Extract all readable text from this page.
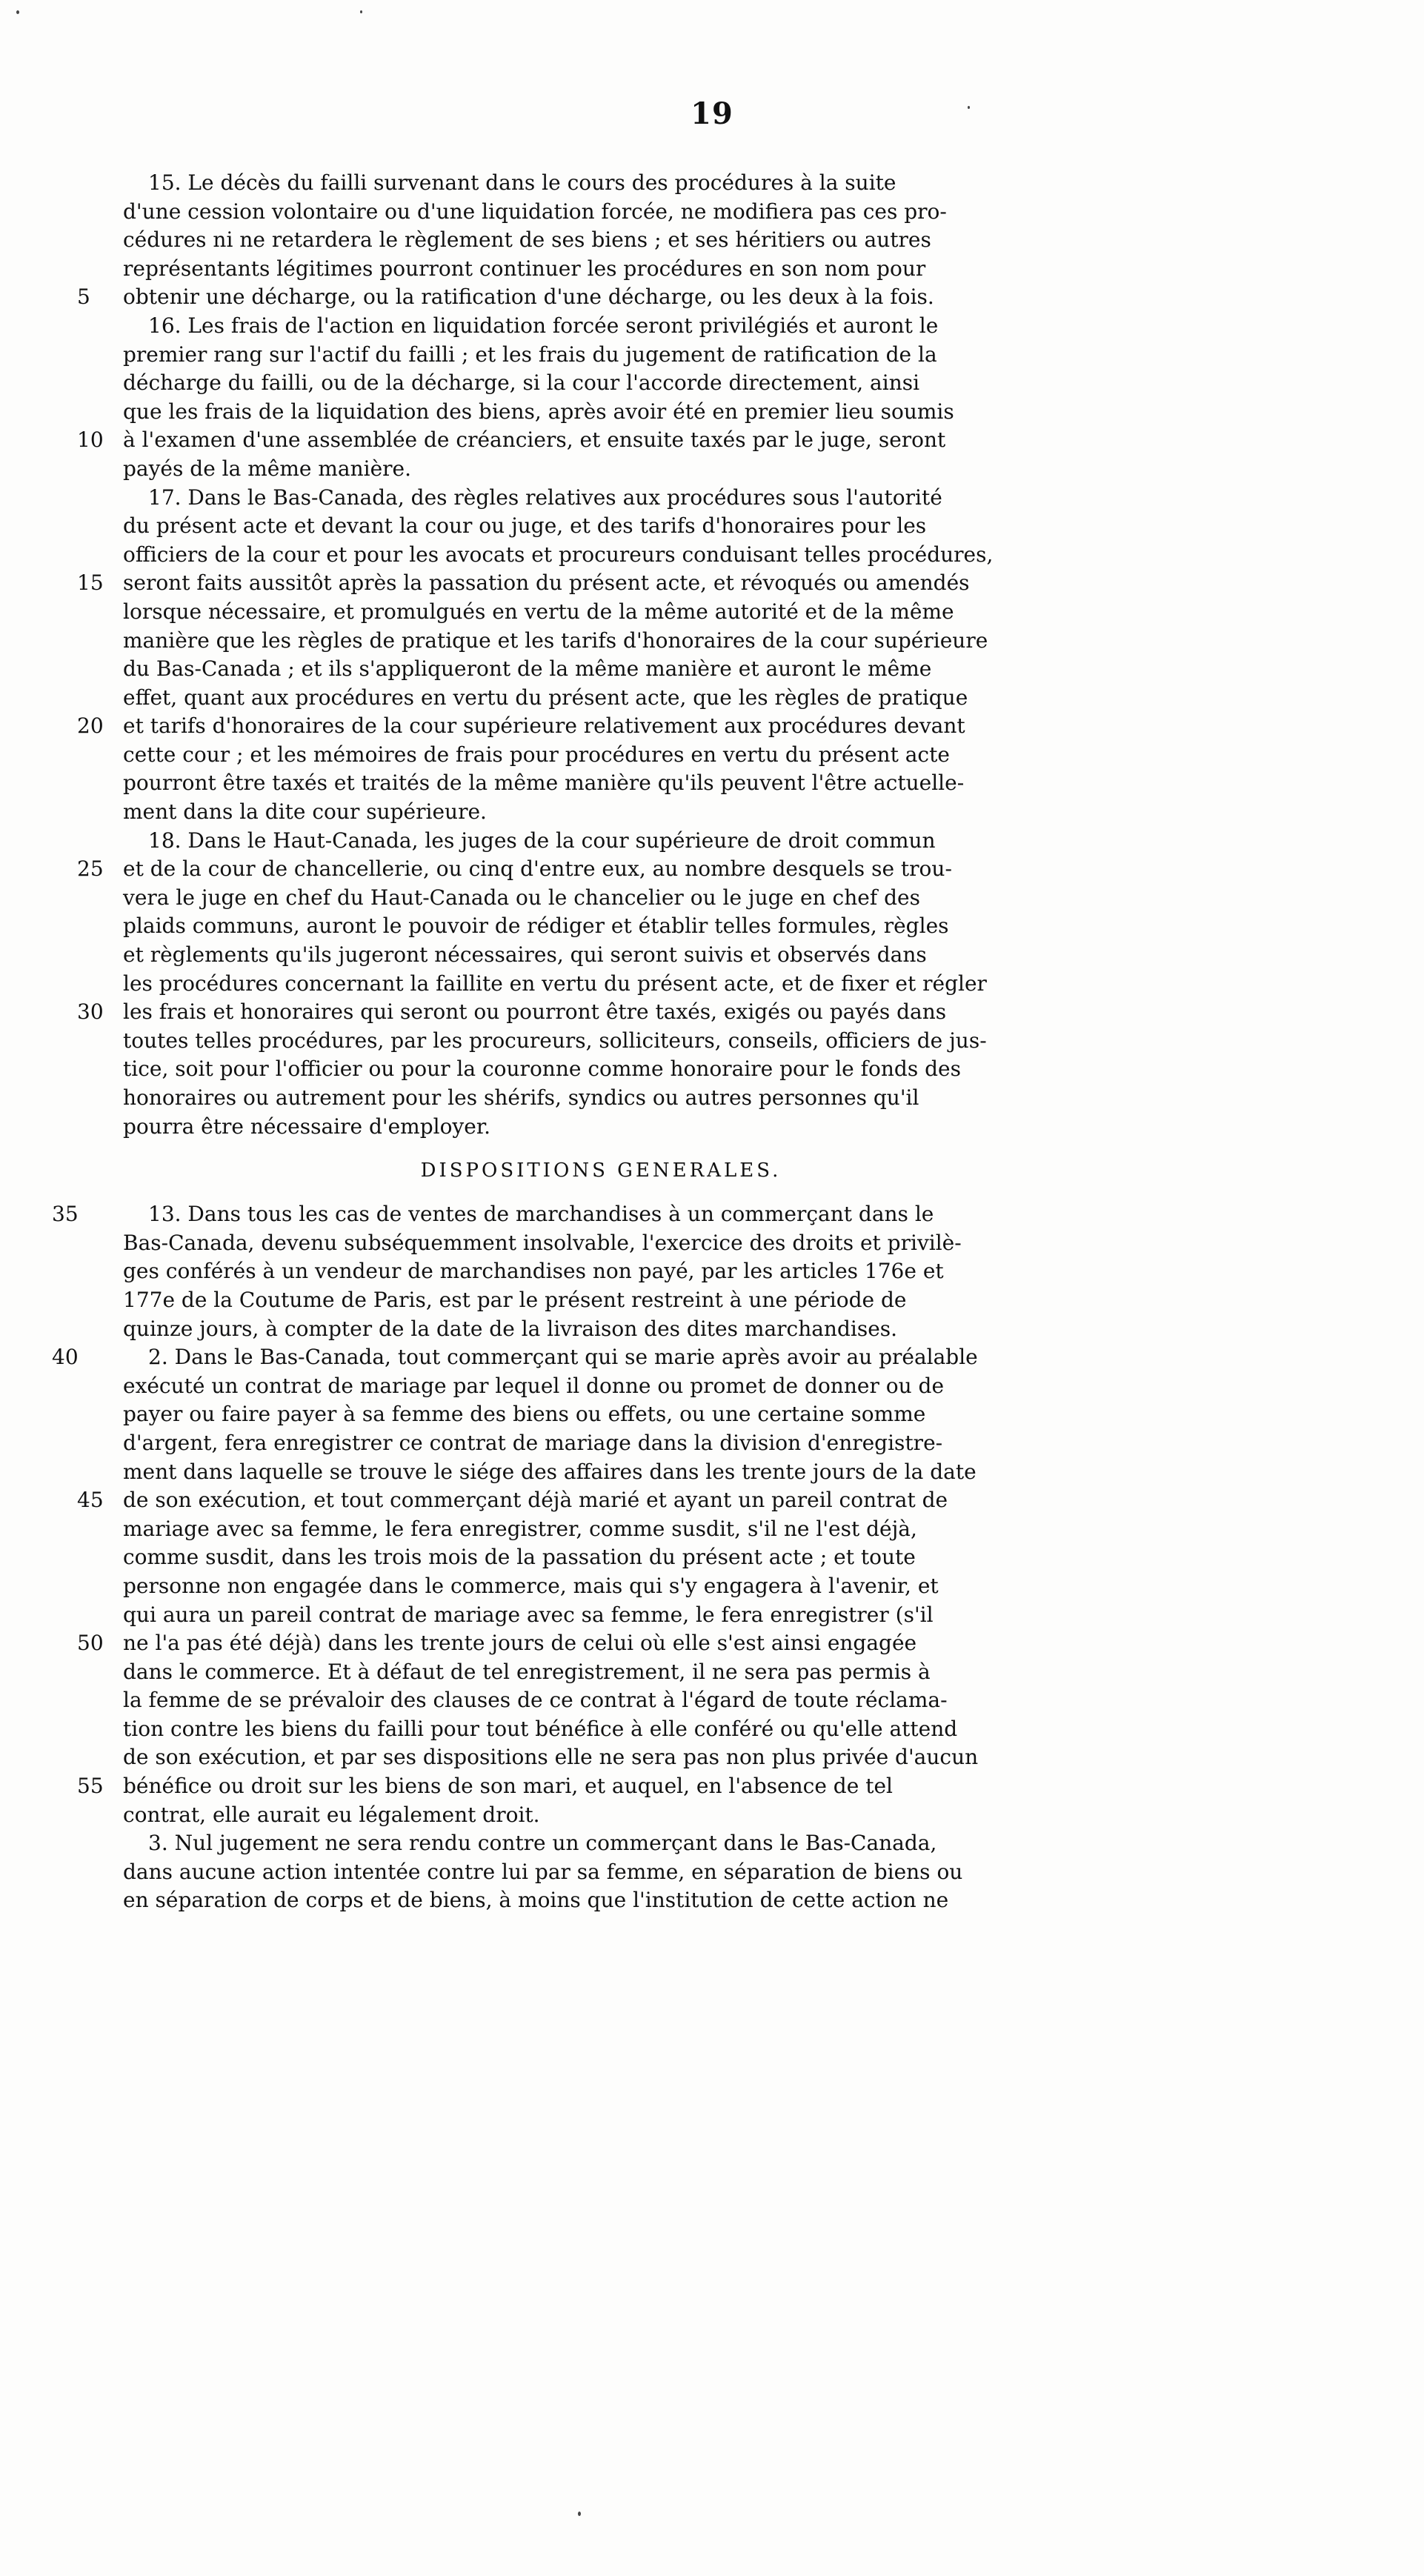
19
15. Le décès du failli survenant dans le cours des procédures à la suite
d'une cession volontaire ou d'une liquidation forcée, ne modifiera pas ces pro-
cédures ni ne retardera le règlement de ses biens ; et ses héritiers ou autres
représentants légitimes pourront continuer les procédures en son nom pour
5	obtenir une décharge, ou la ratification d'une décharge, ou les deux à la fois.
16. Les frais de l'action en liquidation forcée seront privilégiés et auront le
premier rang sur l'actif du failli ; et les frais du jugement de ratification de la
décharge du failli, ou de la décharge, si la cour l'accorde directement, ainsi
que les frais de la liquidation des biens, après avoir été en premier lieu soumis
10 à l'examen d'une assemblée de créanciers, et ensuite taxés par le juge, seront
payés de la même manière.
17. Dans le Bas-Canada, des règles relatives aux procédures sous l'autorité
du présent acte et devant la cour ou juge, et des tarifs d'honoraires pour les
officiers de la cour et pour les avocats et procureurs conduisant telles procédures,
15 seront faits aussitôt après la passation du présent acte, et révoqués ou amendés
lorsque nécessaire, et promulgués en vertu de la même autorité et de la même
manière que les règles de pratique et les tarifs d'honoraires de la cour supérieure
du Bas-Canada ; et ils s'appliqueront de la même manière et auront le même
effet, quant aux procédures en vertu du présent acte, que les règles de pratique
20 et tarifs d'honoraires de la cour supérieure relativement aux procédures devant
cette cour ; et les mémoires de frais pour procédures en vertu du présent acte
pourront être taxés et traités de la même manière qu'ils peuvent l'être actuelle-
ment dans la dite cour supérieure.
18. Dans le Haut-Canada, les juges de la cour supérieure de droit commun
25 et de la cour de chancellerie, ou cinq d'entre eux, au nombre desquels se trou-
vera le juge en chef du Haut-Canada ou le chancelier ou le juge en chef des
plaids communs, auront le pouvoir de rédiger et établir telles formules, règles
et règlements qu'ils jugeront nécessaires, qui seront suivis et observés dans
les procédures concernant la faillite en vertu du présent acte, et de fixer et régler
30 les frais et honoraires qui seront ou pourront être taxés, exigés ou payés dans
toutes telles procédures, par les procureurs, solliciteurs, conseils, officiers de jus-
tice, soit pour l'officier ou pour la couronne comme honoraire pour le fonds des
honoraires ou autrement pour les shérifs, syndics ou autres personnes qu'il
pourra être nécessaire d'employer.
DISPOSITIONS GENERALES.
35	13. Dans tous les cas de ventes de marchandises à un commerçant dans le
Bas-Canada, devenu subséquemment insolvable, l'exercice des droits et privilè-
ges conférés à un vendeur de marchandises non payé, par les articles 176e et
177e de la Coutume de Paris, est par le présent restreint à une période de
quinze jours, à compter de la date de la livraison des dites marchandises.
40	2. Dans le Bas-Canada, tout commerçant qui se marie après avoir au préalable
exécuté un contrat de mariage par lequel il donne ou promet de donner ou de
payer ou faire payer à sa femme des biens ou effets, ou une certaine somme
d'argent, fera enregistrer ce contrat de mariage dans la division d'enregistre-
ment dans laquelle se trouve le siége des affaires dans les trente jours de la date
45 de son exécution, et tout commerçant déjà marié et ayant un pareil contrat de
mariage avec sa femme, le fera enregistrer, comme susdit, s'il ne l'est déjà,
comme susdit, dans les trois mois de la passation du présent acte ; et toute
personne non engagée dans le commerce, mais qui s'y engagera à l'avenir, et
qui aura un pareil contrat de mariage avec sa femme, le fera enregistrer (s'il
50 ne l'a pas été déjà) dans les trente jours de celui où elle s'est ainsi engagée
dans le commerce. Et à défaut de tel enregistrement, il ne sera pas permis à
la femme de se prévaloir des clauses de ce contrat à l'égard de toute réclama-
tion contre les biens du failli pour tout bénéfice à elle conféré ou qu'elle attend
de son exécution, et par ses dispositions elle ne sera pas non plus privée d'aucun
55 bénéfice ou droit sur les biens de son mari, et auquel, en l'absence de tel
contrat, elle aurait eu légalement droit.
3. Nul jugement ne sera rendu contre un commerçant dans le Bas-Canada,
dans aucune action intentée contre lui par sa femme, en séparation de biens ou
en séparation de corps et de biens, à moins que l'institution de cette action ne
